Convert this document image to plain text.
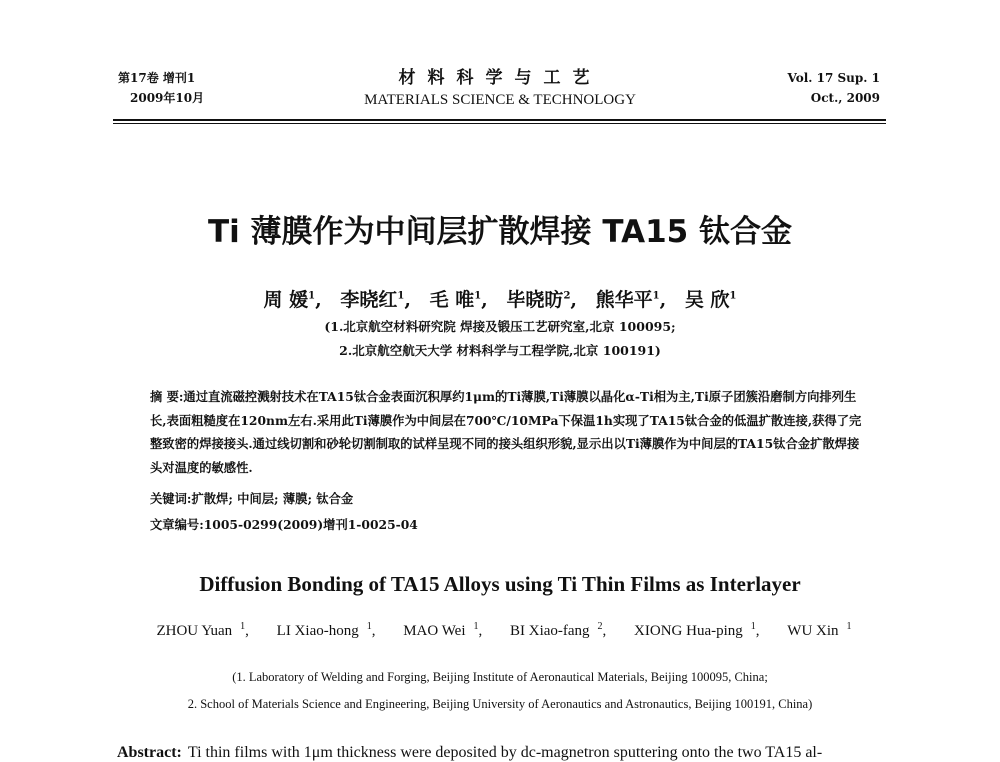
第17卷 增刊1
2009年10月
材料科学与工艺
MATERIALS SCIENCE & TECHNOLOGY
Vol. 17 Sup. 1
Oct., 2009
Ti 薄膜作为中间层扩散焊接 TA15 钛合金
周 媛$^1$, 李晓红$^1$, 毛 唯$^1$, 毕晓昉$^2$, 熊华平$^1$, 吴 欣$^1$
(1.北京航空材料研究院 焊接及锻压工艺研究室,北京 100095;
2.北京航空航天大学 材料科学与工程学院,北京 100191)
摘 要:通过直流磁控溅射技术在TA15钛合金表面沉积厚约1μm的Ti薄膜,Ti薄膜以晶化α-Ti相为主,Ti原子团簇沿磨制方向排列生长,表面粗糙度在120nm左右.采用此Ti薄膜作为中间层在700℃/10MPa下保温1h实现了TA15钛合金的低温扩散连接,获得了完整致密的焊接接头.通过线切割和砂轮切割制取的试样呈现不同的接头组织形貌,显示出以Ti薄膜作为中间层的TA15钛合金扩散焊接头对温度的敏感性.
关键词:扩散焊; 中间层; 薄膜; 钛合金
文章编号:1005-0299(2009)增刊1-0025-04
Diffusion Bonding of TA15 Alloys using Ti Thin Films as Interlayer
ZHOU Yuan $^1$, LI Xiao-hong $^1$, MAO Wei $^1$, BI Xiao-fang $^2$, XIONG Hua-ping $^1$, WU Xin $^1$
(1. Laboratory of Welding and Forging, Beijing Institute of Aeronautical Materials, Beijing 100095, China;
2. School of Materials Science and Engineering, Beijing University of Aeronautics and Astronautics, Beijing 100191, China)
Abstract: Ti thin films with 1μm thickness were deposited by dc-magnetron sputtering onto the two TA15 al-
